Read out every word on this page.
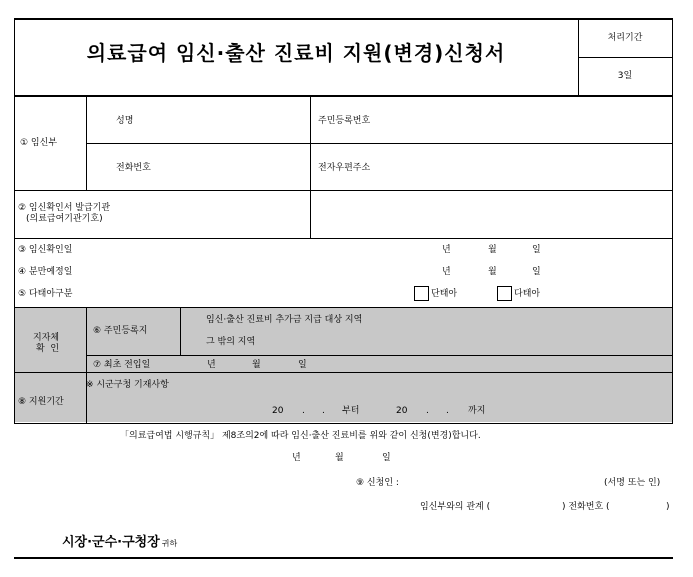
의료급여 임신·출산 진료비 지원(변경)신청서
처리기간
3일
① 임신부
성명	주민등록번호
전화번호	전자우편주소
② 임신확인서 발급기관
(의료급여기관기호)
③ 임신확인일	년	월	일
④ 분만예정일	년	월	일
⑤ 다태아구분	단태아	다태아
지자체
확  인
⑥ 주민등록지
임신·출산 진료비 추가금 지급 대상 지역
그 밖의 지역
⑦ 최초 전입일	년	월	일
⑧ 지원기간
※ 시군구청 기재사항
20 . . 부터	20 . . 까지
「의료급여법 시행규칙」 제8조의2에 따라 임신·출산 진료비를 위와 같이 신청(변경)합니다.
년	월	일
⑨ 신청인 :	(서명 또는 인)
임신부와의 관계 (	) 전화번호 (	)
시장·군수·구청장 귀하
